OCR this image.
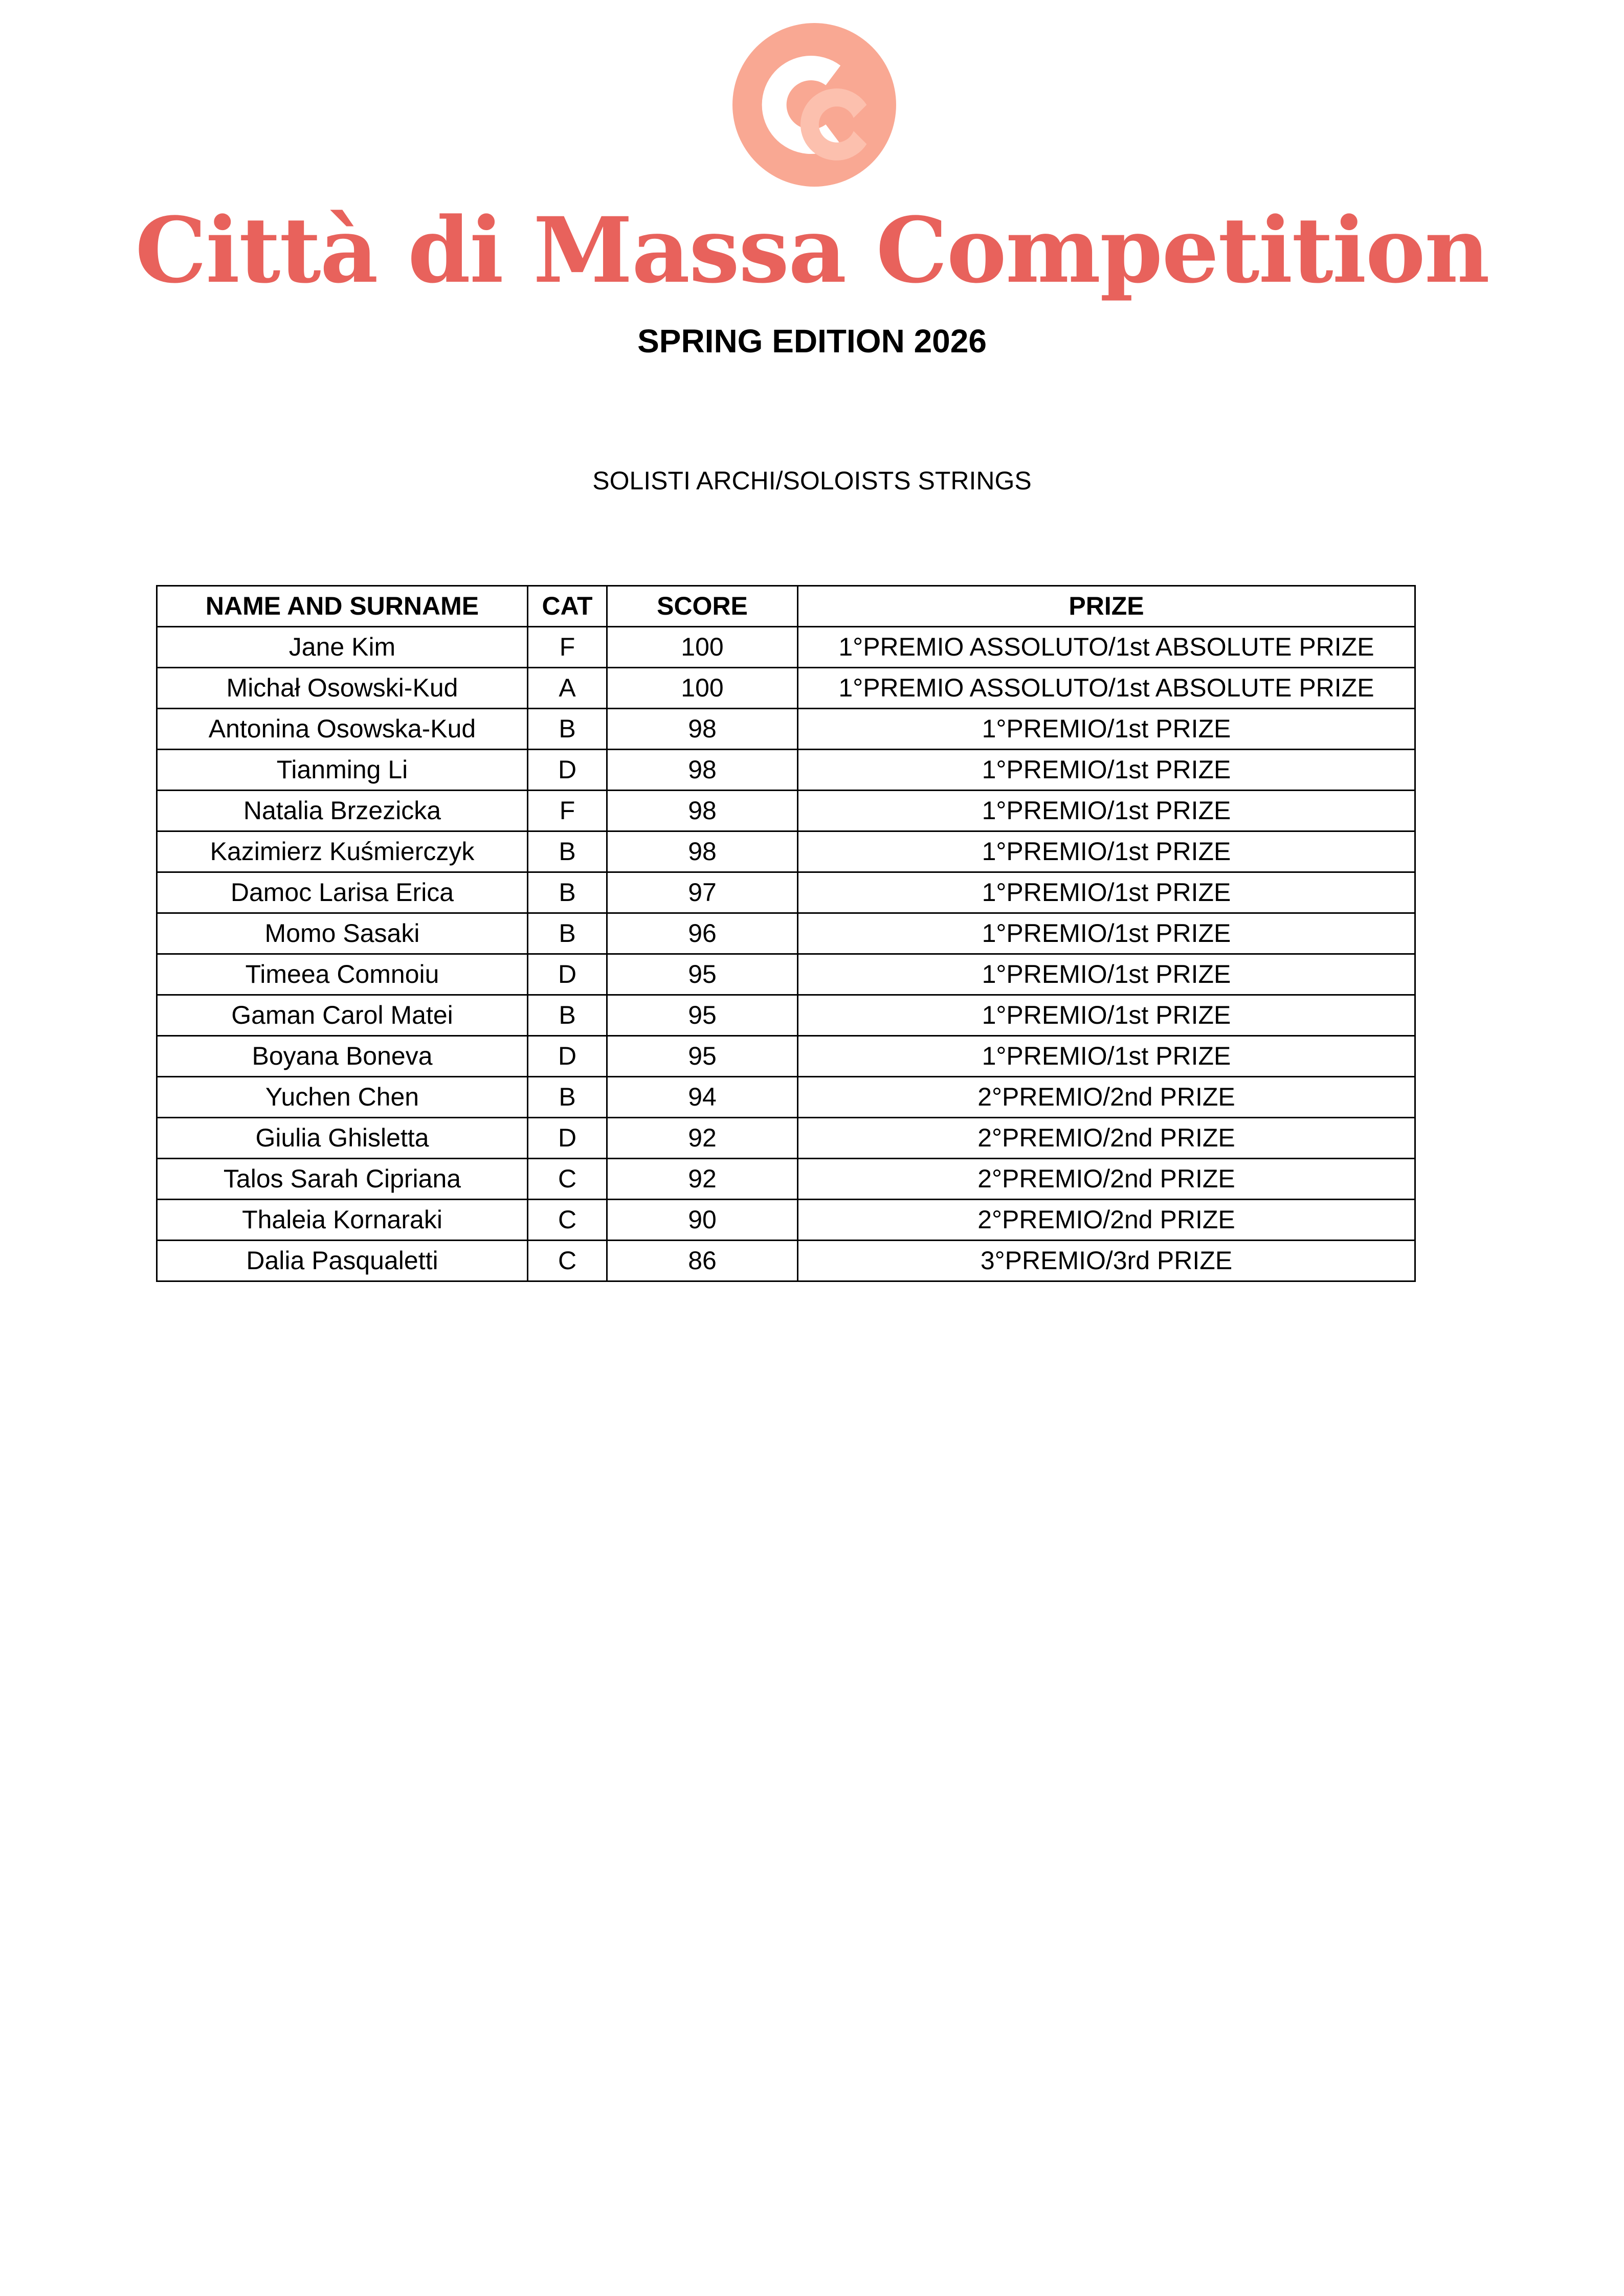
Città di Massa Competition
SPRING EDITION 2026
SOLISTI ARCHI/SOLOISTS STRINGS
NAME AND SURNAME	CAT	SCORE	PRIZE
Jane Kim	F	100	1°PREMIO ASSOLUTO/1st ABSOLUTE PRIZE
Michał Osowski-Kud	A	100	1°PREMIO ASSOLUTO/1st ABSOLUTE PRIZE
Antonina Osowska-Kud	B	98	1°PREMIO/1st PRIZE
Tianming Li	D	98	1°PREMIO/1st PRIZE
Natalia Brzezicka	F	98	1°PREMIO/1st PRIZE
Kazimierz Kuśmierczyk	B	98	1°PREMIO/1st PRIZE
Damoc Larisa Erica	B	97	1°PREMIO/1st PRIZE
Momo Sasaki	B	96	1°PREMIO/1st PRIZE
Timeea Comnoiu	D	95	1°PREMIO/1st PRIZE
Gaman Carol Matei	B	95	1°PREMIO/1st PRIZE
Boyana Boneva	D	95	1°PREMIO/1st PRIZE
Yuchen Chen	B	94	2°PREMIO/2nd PRIZE
Giulia Ghisletta	D	92	2°PREMIO/2nd PRIZE
Talos Sarah Cipriana	C	92	2°PREMIO/2nd PRIZE
Thaleia Kornaraki	C	90	2°PREMIO/2nd PRIZE
Dalia Pasqualetti	C	86	3°PREMIO/3rd PRIZE
